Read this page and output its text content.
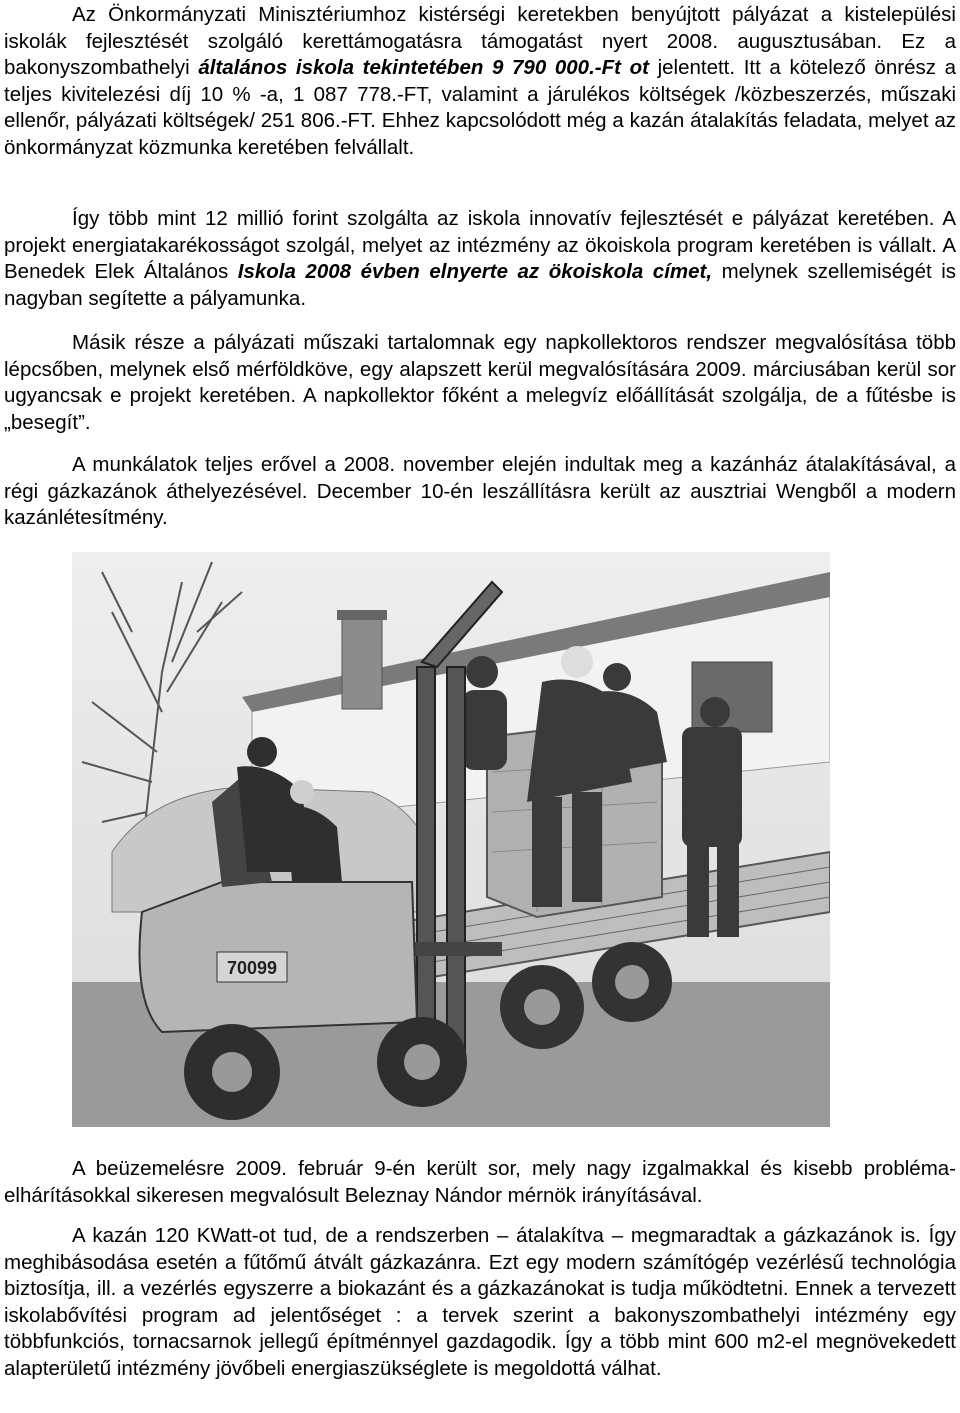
Az Önkormányzati Minisztériumhoz kistérségi keretekben benyújtott pályázat a kistelepülési iskolák fejlesztését szolgáló kerettámogatásra támogatást nyert 2008. augusztusában. Ez a bakonyszombathelyi általános iskola tekintetében 9 790 000.-Ft ot jelentett. Itt a kötelező önrész a teljes kivitelezési díj 10 % -a, 1 087 778.-FT, valamint a járulékos költségek /közbeszerzés, műszaki ellenőr, pályázati költségek/ 251 806.-FT. Ehhez kapcsolódott még a kazán átalakítás feladata, melyet az önkormányzat közmunka keretében felvállalt.

Így több mint 12 millió forint szolgálta az iskola innovatív fejlesztését e pályázat keretében. A projekt energiatakarékosságot szolgál, melyet az intézmény az ökoiskola program keretében is vállalt. A Benedek Elek Általános Iskola 2008 évben elnyerte az ökoiskola címet, melynek szellemiségét is nagyban segítette a pályamunka.

Másik része a pályázati műszaki tartalomnak egy napkollektoros rendszer megvalósítása több lépcsőben, melynek első mérföldköve, egy alapszett kerül megvalósítására 2009. márciusában kerül sor ugyancsak e projekt keretében. A napkollektor főként a melegvíz előállítását szolgálja, de a fűtésbe is „besegít”.

A munkálatok teljes erővel a 2008. november elején indultak meg a kazánház átalakításával, a régi gázkazánok áthelyezésével. December 10-én leszállításra került az ausztriai Wengből a modern kazánlétesítmény.

70099

A beüzemelésre 2009. február 9-én került sor, mely nagy izgalmakkal és kisebb probléma-elhárításokkal sikeresen megvalósult Beleznay Nándor mérnök irányításával.

A kazán 120 KWatt-ot tud, de a rendszerben – átalakítva – megmaradtak a gázkazánok is. Így meghibásodása esetén a fűtőmű átvált gázkazánra. Ezt egy modern számítógép vezérlésű technológia biztosítja, ill. a vezérlés egyszerre a biokazánt és a gázkazánokat is tudja működtetni. Ennek a tervezett iskolabővítési program ad jelentőséget : a tervek szerint a bakonyszombathelyi intézmény egy többfunkciós, tornacsarnok jellegű építménnyel gazdagodik. Így a több mint 600 m2-el megnövekedett alapterületű intézmény jövőbeli energiaszükséglete is megoldottá válhat.
